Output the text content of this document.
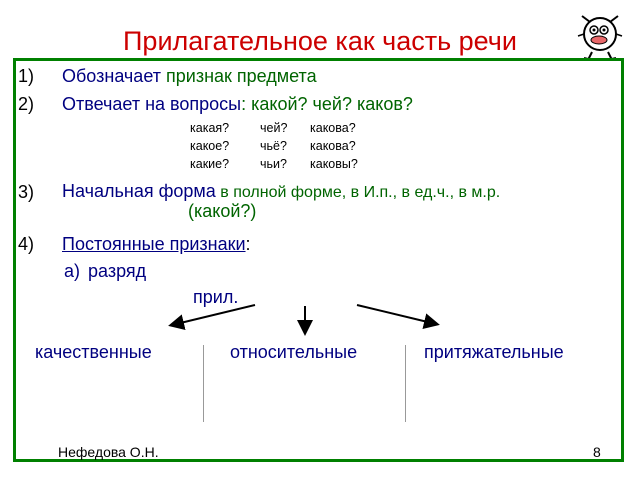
Прилагательное как часть речи
1) Обозначает признак предмета
2) Отвечает на вопросы: какой? чей? каков?
какая? чей? какова?
какое? чьё? какова?
какие? чьи? каковы?
3) Начальная форма в полной форме, в И.п., в ед.ч., в м.р.
(какой?)
4) Постоянные признаки:
а) разряд
прил.
качественные	относительные	притяжательные
Нефедова О.Н.	8
